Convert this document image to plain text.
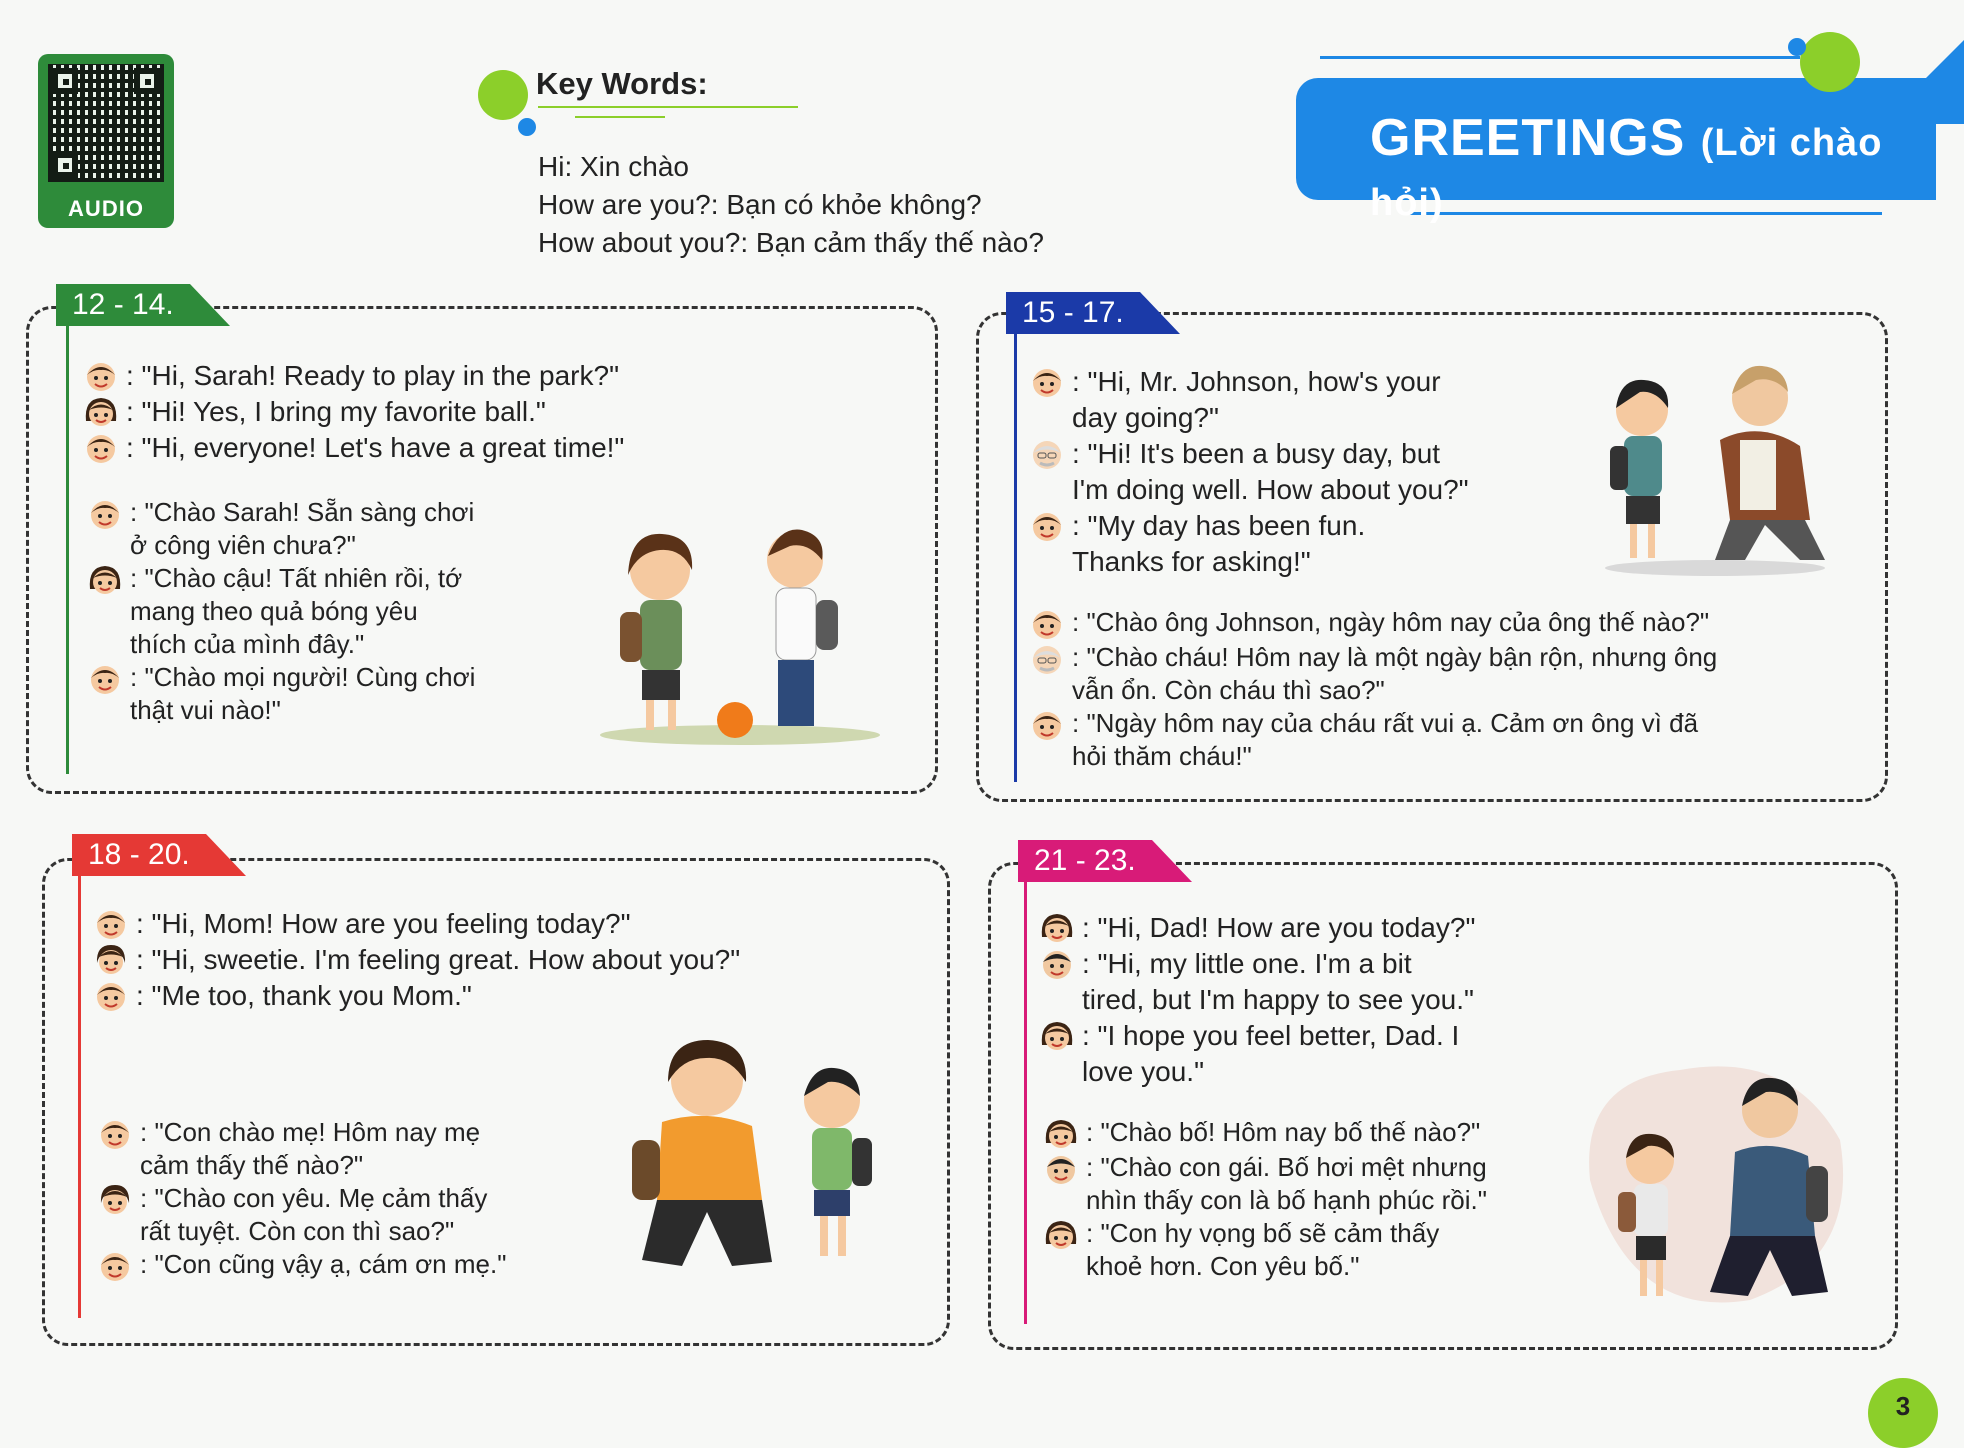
AUDIO
Key Words:
Hi: Xin chào
How are you?: Bạn có khỏe không?
How about you?: Bạn cảm thấy thế nào?
GREETINGS (Lời chào hỏi)
12 - 14.
: "Hi, Sarah! Ready to play in the park?"
: "Hi! Yes, I bring my favorite ball."
: "Hi, everyone! Let's have a great time!"
: "Chào Sarah! Sẵn sàng chơi
ở công viên chưa?"
: "Chào cậu! Tất nhiên rồi, tớ
mang theo quả bóng yêu
thích của mình đây."
: "Chào mọi người! Cùng chơi
thật vui nào!"
15 - 17.
: "Hi, Mr. Johnson, how's your
day going?"
: "Hi! It's been a busy day, but
I'm doing well. How about you?"
: "My day has been fun.
Thanks for asking!"
: "Chào ông Johnson, ngày hôm nay của ông thế nào?"
: "Chào cháu! Hôm nay là một ngày bận rộn, nhưng ông
vẫn ổn. Còn cháu thì sao?"
: "Ngày hôm nay của cháu rất vui ạ. Cảm ơn ông vì đã
hỏi thăm cháu!"
18 - 20.
: "Hi, Mom! How are you feeling today?"
: "Hi, sweetie. I'm feeling great. How about you?"
: "Me too, thank you Mom."
: "Con chào mẹ! Hôm nay mẹ
cảm thấy thế nào?"
: "Chào con yêu. Mẹ cảm thấy
rất tuyệt. Còn con thì sao?"
: "Con cũng vậy ạ, cám ơn mẹ."
21 - 23.
: "Hi, Dad! How are you today?"
: "Hi, my little one. I'm a bit
tired, but I'm happy to see you."
: "I hope you feel better, Dad. I
love you."
: "Chào bố! Hôm nay bố thế nào?"
: "Chào con gái. Bố hơi mệt nhưng
nhìn thấy con là bố hạnh phúc rồi."
: "Con hy vọng bố sẽ cảm thấy
khoẻ hơn. Con yêu bố."
3
